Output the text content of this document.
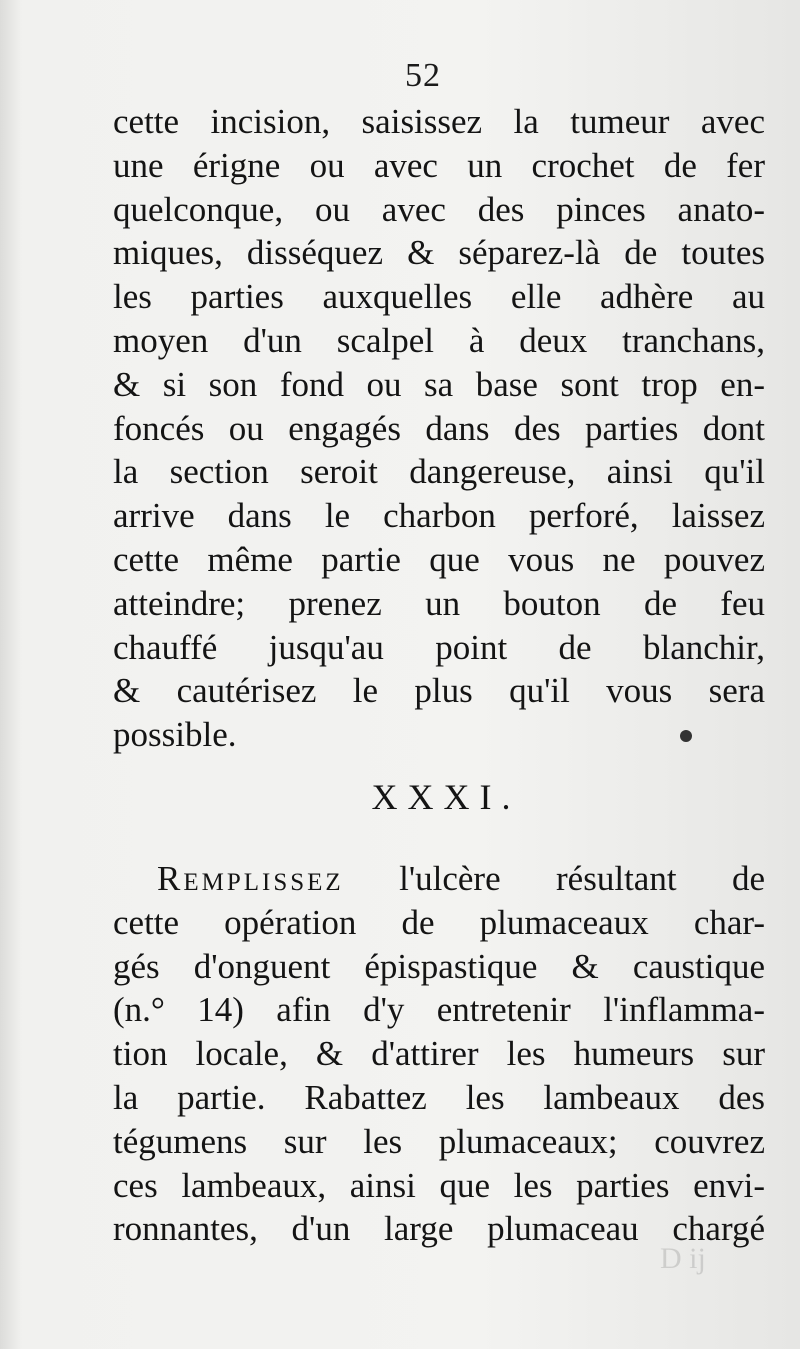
52
cette incision, saisissez la tumeur avec
une érigne ou avec un crochet de fer
quelconque, ou avec des pinces anato-
miques, disséquez & séparez-là de toutes
les parties auxquelles elle adhère au
moyen d'un scalpel à deux tranchans,
& si son fond ou sa base sont trop en-
foncés ou engagés dans des parties dont
la section seroit dangereuse, ainsi qu'il
arrive dans le charbon perforé, laissez
cette même partie que vous ne pouvez
atteindre; prenez un bouton de feu
chauffé jusqu'au point de blanchir,
& cautérisez le plus qu'il vous sera
possible.
XXXI.
Remplissez l'ulcère résultant de
cette opération de plumaceaux char-
gés d'onguent épispastique & caustique
(n.° 14) afin d'y entretenir l'inflamma-
tion locale, & d'attirer les humeurs sur
la partie. Rabattez les lambeaux des
tégumens sur les plumaceaux; couvrez
ces lambeaux, ainsi que les parties envi-
ronnantes, d'un large plumaceau chargé
D ij
